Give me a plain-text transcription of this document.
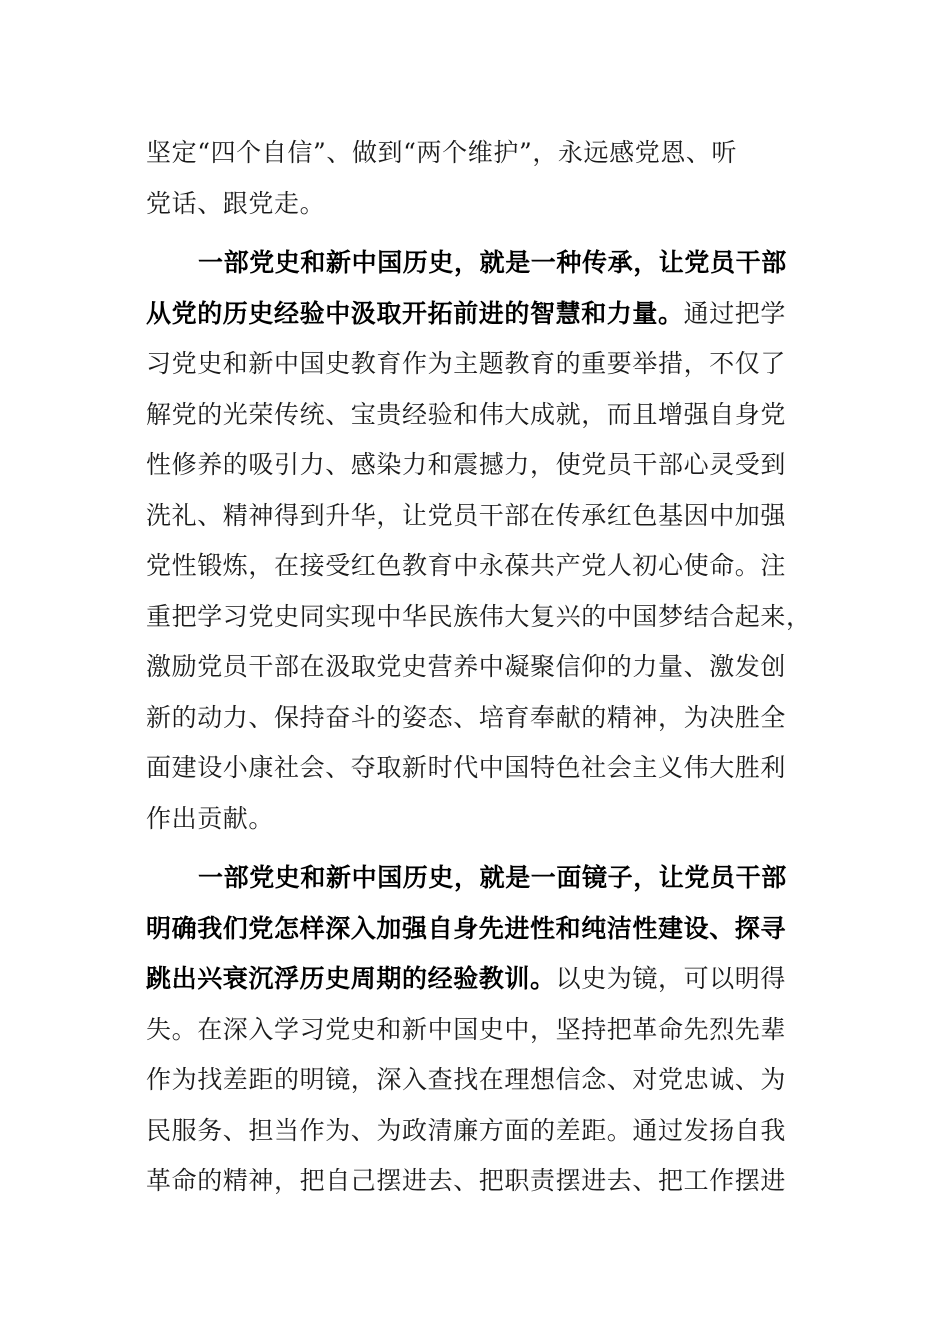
坚定“四个自信”、做到“两个维护”，永远感党恩、听
党话、跟党走。
一部党史和新中国历史，就是一种传承，让党员干部
从党的历史经验中汲取开拓前进的智慧和力量。通过把学
习党史和新中国史教育作为主题教育的重要举措，不仅了
解党的光荣传统、宝贵经验和伟大成就，而且增强自身党
性修养的吸引力、感染力和震撼力，使党员干部心灵受到
洗礼、精神得到升华，让党员干部在传承红色基因中加强
党性锻炼，在接受红色教育中永葆共产党人初心使命。注
重把学习党史同实现中华民族伟大复兴的中国梦结合起来，
激励党员干部在汲取党史营养中凝聚信仰的力量、激发创
新的动力、保持奋斗的姿态、培育奉献的精神，为决胜全
面建设小康社会、夺取新时代中国特色社会主义伟大胜利
作出贡献。
一部党史和新中国历史，就是一面镜子，让党员干部
明确我们党怎样深入加强自身先进性和纯洁性建设、探寻
跳出兴衰沉浮历史周期的经验教训。以史为镜，可以明得
失。在深入学习党史和新中国史中，坚持把革命先烈先辈
作为找差距的明镜，深入查找在理想信念、对党忠诚、为
民服务、担当作为、为政清廉方面的差距。通过发扬自我
革命的精神，把自己摆进去、把职责摆进去、把工作摆进
